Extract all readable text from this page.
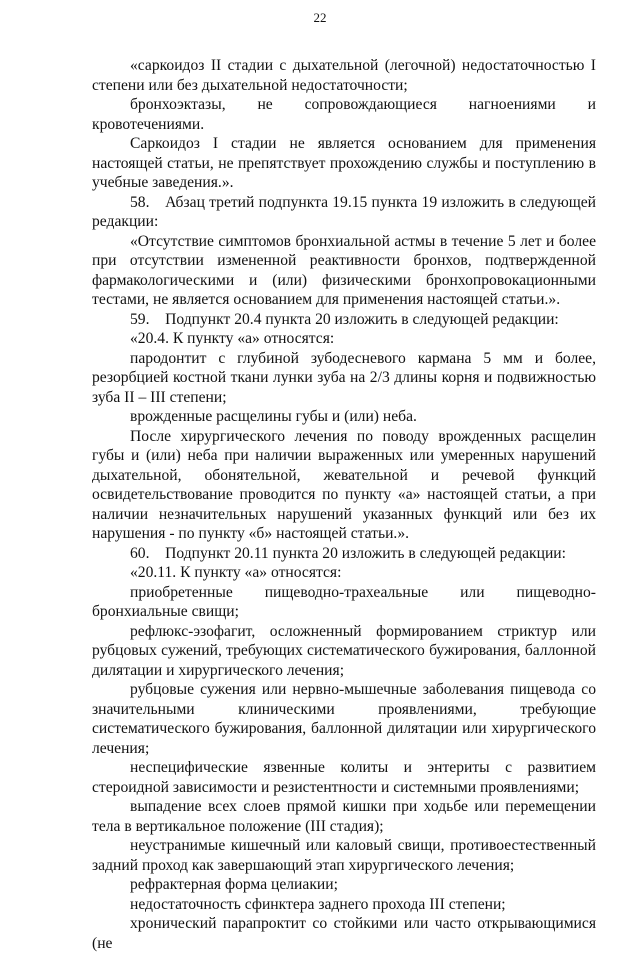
22

«саркоидоз II стадии с дыхательной (легочной) недостаточностью I степени или без дыхательной недостаточности;

бронхоэктазы, не сопровождающиеся нагноениями и кровотечениями.

Саркоидоз I стадии не является основанием для применения настоящей статьи, не препятствует прохождению службы и поступлению в учебные заведения.».

58. Абзац третий подпункта 19.15 пункта 19 изложить в следующей редакции:

«Отсутствие симптомов бронхиальной астмы в течение 5 лет и более при отсутствии измененной реактивности бронхов, подтвержденной фармакологическими и (или) физическими бронхопровокационными тестами, не является основанием для применения настоящей статьи.».

59. Подпункт 20.4 пункта 20 изложить в следующей редакции:

«20.4. К пункту «а» относятся:

пародонтит с глубиной зубодесневого кармана 5 мм и более, резорбцией костной ткани лунки зуба на 2/3 длины корня и подвижностью зуба II – III степени;

врожденные расщелины губы и (или) неба.

После хирургического лечения по поводу врожденных расщелин губы и (или) неба при наличии выраженных или умеренных нарушений дыхательной, обонятельной, жевательной и речевой функций освидетельствование проводится по пункту «а» настоящей статьи, а при наличии незначительных нарушений указанных функций или без их нарушения - по пункту «б» настоящей статьи.».

60. Подпункт 20.11 пункта 20 изложить в следующей редакции:

«20.11. К пункту «а» относятся:

приобретенные пищеводно-трахеальные или пищеводно-бронхиальные свищи;

рефлюкс-эзофагит, осложненный формированием стриктур или рубцовых сужений, требующих систематического бужирования, баллонной дилятации и хирургического лечения;

рубцовые сужения или нервно-мышечные заболевания пищевода со значительными клиническими проявлениями, требующие систематического бужирования, баллонной дилятации или хирургического лечения;

неспецифические язвенные колиты и энтериты с развитием стероидной зависимости и резистентности и системными проявлениями;

выпадение всех слоев прямой кишки при ходьбе или перемещении тела в вертикальное положение (III стадия);

неустранимые кишечный или каловый свищи, противоестественный задний проход как завершающий этап хирургического лечения;

рефрактерная форма целиакии;

недостаточность сфинктера заднего прохода III степени;

хронический парапроктит со стойкими или часто открывающимися (не
